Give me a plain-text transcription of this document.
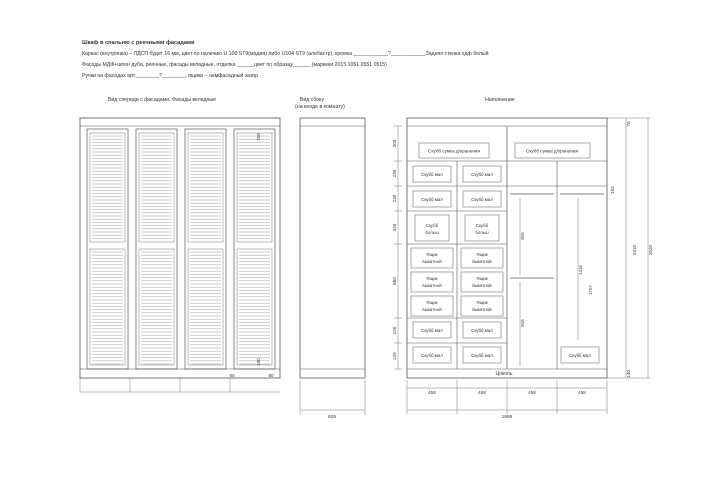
Шкаф в спальню с реечными фасадами
Каркас (внутрянка) – ЛДСП будет 16 мм, цвет по наличию U 100 ST9(мадия) либо U104 ST9 (алебастр), кромка ____________?____________Задняя стенка хдф белый
Фасады МДФ+шпон дуба, реечные, фасады вкладные, отделка ______цвет по образцу______ (маркеки 2015 1051 0551 0515)
Ручки на фасадах арт.________?________, ящики – немфасадный зазор
Вид спереди с фасадами. Фасады вкладные
100
100
80	80
Вид сбоку
(на входе в комнату)
625
Наполнение
Скубб сумка д/хранения	Скубб сумка д/хранения
Скубб мал	Скубб мал
Скубб мал	Скубб мал
Скубб
больш
Скубб
больш
Ящик
выкатной
Ящик
выкатной
Ящик
выкатной
Ящик
выкатной
Ящик
выкатной
Ящик
выкатной
Скубб мал	Скубб мал
Скубб мал	Скубб мал	Скубб мал
816
816
1416
1707
163
Цоколь
303
230
230
320
680
225
225
70
2310 2520
140
458	458	458	458
1855
